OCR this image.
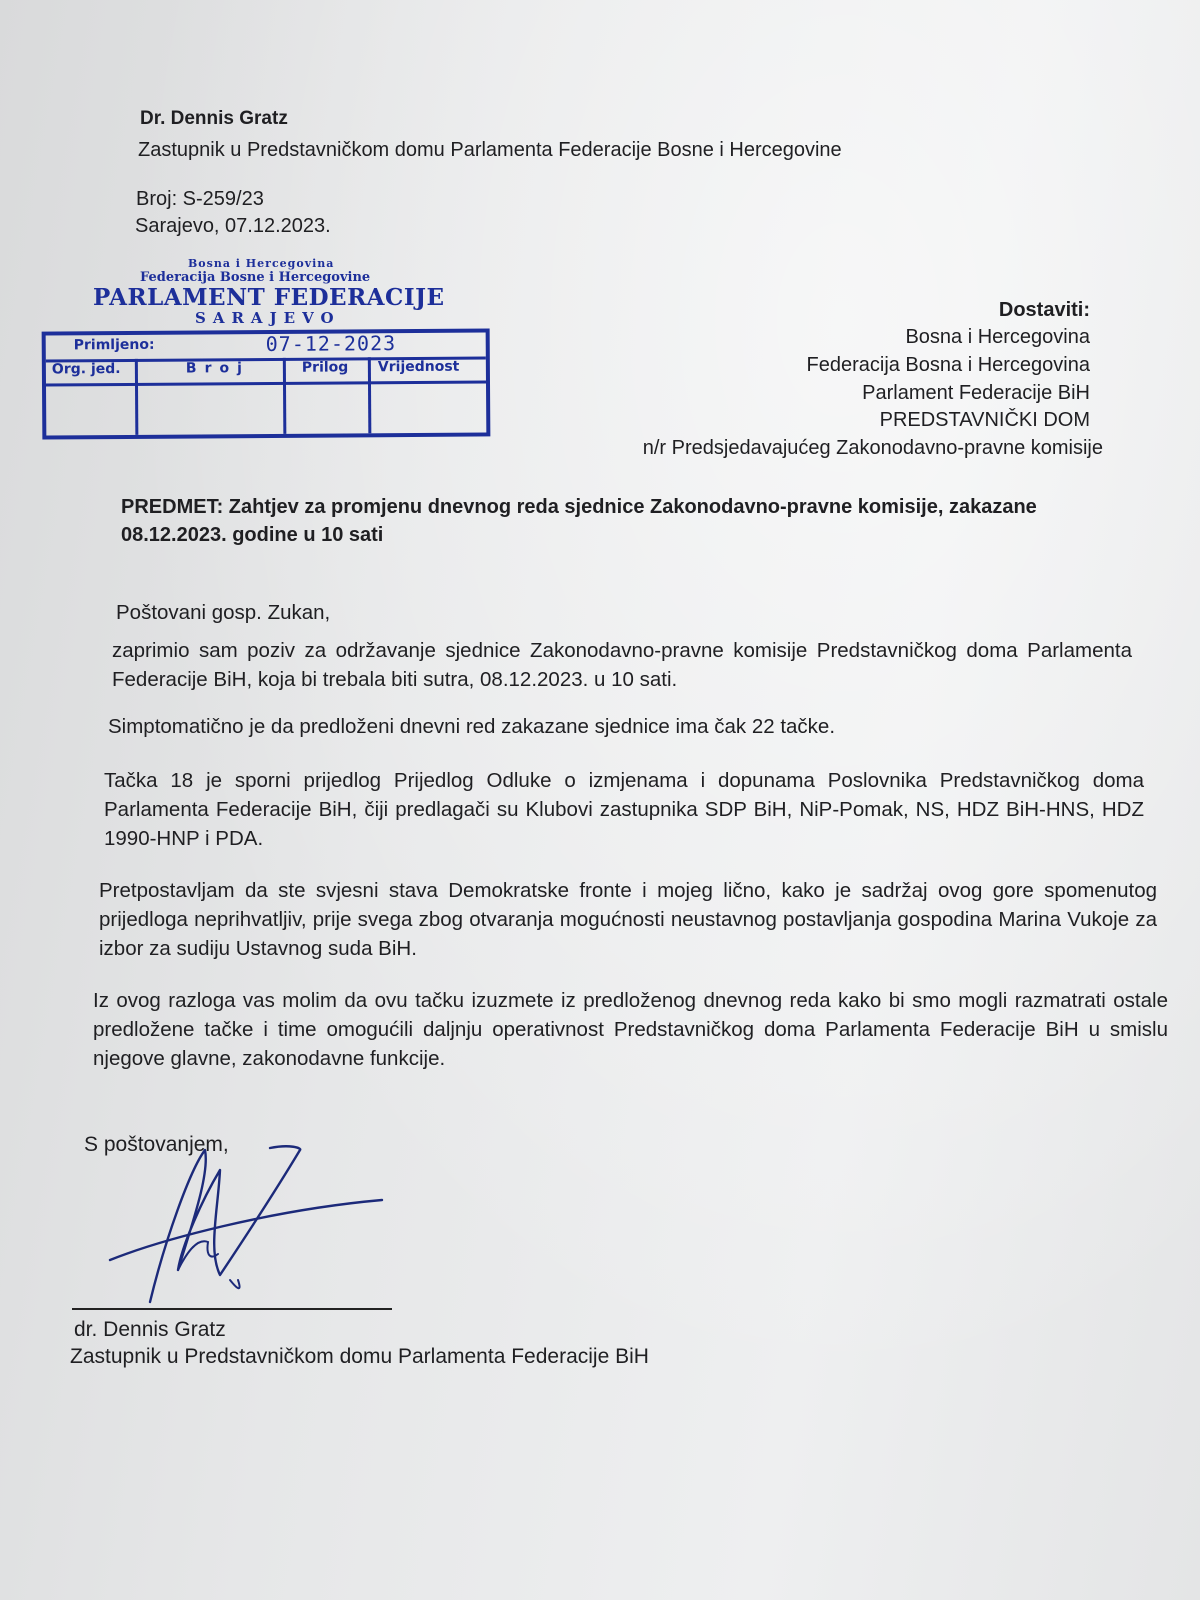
Dr. Dennis Gratz
Zastupnik u Predstavničkom domu Parlamenta Federacije Bosne i Hercegovine
Broj: S-259/23
Sarajevo, 07.12.2023.
Bosna i Hercegovina
Federacija Bosne i Hercegovine
PARLAMENT FEDERACIJE
SARAJEVO
Primljeno:	07-12-2023
Org. jed.	Broj	Prilog Vrijednost
Dostaviti:
Bosna i Hercegovina
Federacija Bosna i Hercegovina
Parlament Federacije BiH
PREDSTAVNIČKI DOM
n/r Predsjedavajućeg Zakonodavno-pravne komisije
PREDMET: Zahtjev za promjenu dnevnog reda sjednice Zakonodavno-pravne komisije, zakazane 08.12.2023. godine u 10 sati
Poštovani gosp. Zukan,
zaprimio sam poziv za održavanje sjednice Zakonodavno-pravne komisije Predstavničkog doma Parlamenta Federacije BiH, koja bi trebala biti sutra, 08.12.2023. u 10 sati.
Simptomatično je da predloženi dnevni red zakazane sjednice ima čak 22 tačke.
Tačka 18 je sporni prijedlog Prijedlog Odluke o izmjenama i dopunama Poslovnika Predstavničkog doma Parlamenta Federacije BiH, čiji predlagači su Klubovi zastupnika SDP BiH, NiP-Pomak, NS, HDZ BiH-HNS, HDZ 1990-HNP i PDA.
Pretpostavljam da ste svjesni stava Demokratske fronte i mojeg lično, kako je sadržaj ovog gore spomenutog prijedloga neprihvatljiv, prije svega zbog otvaranja mogućnosti neustavnog postavljanja gospodina Marina Vukoje za izbor za sudiju Ustavnog suda BiH.
Iz ovog razloga vas molim da ovu tačku izuzmete iz predloženog dnevnog reda kako bi smo mogli razmatrati ostale predložene tačke i time omogućili daljnju operativnost Predstavničkog doma Parlamenta Federacije BiH u smislu njegove glavne, zakonodavne funkcije.
S poštovanjem,
dr. Dennis Gratz
Zastupnik u Predstavničkom domu Parlamenta Federacije BiH
